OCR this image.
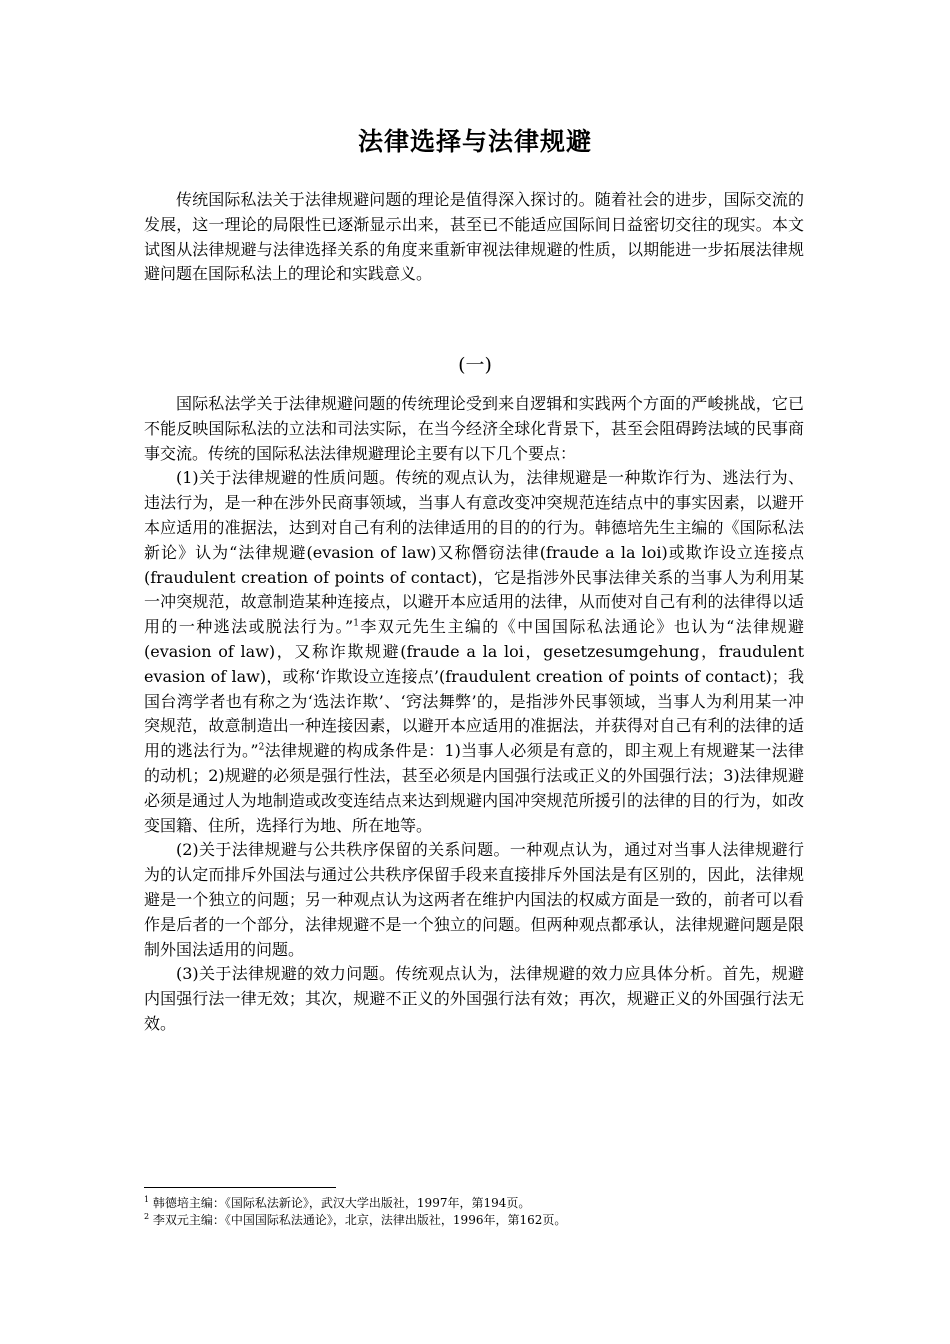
法律选择与法律规避

传统国际私法关于法律规避问题的理论是值得深入探讨的。随着社会的进步，国际交流的发展，这一理论的局限性已逐渐显示出来，甚至已不能适应国际间日益密切交往的现实。本文试图从法律规避与法律选择关系的角度来重新审视法律规避的性质，以期能进一步拓展法律规避问题在国际私法上的理论和实践意义。

(一)

国际私法学关于法律规避问题的传统理论受到来自逻辑和实践两个方面的严峻挑战，它已不能反映国际私法的立法和司法实际，在当今经济全球化背景下，甚至会阻碍跨法域的民事商事交流。传统的国际私法法律规避理论主要有以下几个要点：

(1)关于法律规避的性质问题。传统的观点认为，法律规避是一种欺诈行为、逃法行为、违法行为，是一种在涉外民商事领域，当事人有意改变冲突规范连结点中的事实因素，以避开本应适用的准据法，达到对自己有利的法律适用的目的的行为。韩德培先生主编的《国际私法新论》认为“法律规避(evasion of law)又称僭窃法律(fraude a la loi)或欺诈设立连接点(fraudulent creation of points of contact)，它是指涉外民事法律关系的当事人为利用某一冲突规范，故意制造某种连接点，以避开本应适用的法律，从而使对自己有利的法律得以适用的一种逃法或脱法行为。”$^1$李双元先生主编的《中国国际私法通论》也认为“法律规避(evasion of law)，又称诈欺规避(fraude a la loi，gesetzesumgehung，fraudulent evasion of law)，或称‘诈欺设立连接点’(fraudulent creation of points of contact)；我国台湾学者也有称之为‘选法诈欺’、‘窍法舞弊’的，是指涉外民事领域，当事人为利用某一冲突规范，故意制造出一种连接因素，以避开本应适用的准据法，并获得对自己有利的法律的适用的逃法行为。”$^2$法律规避的构成条件是：1)当事人必须是有意的，即主观上有规避某一法律的动机；2)规避的必须是强行性法，甚至必须是内国强行法或正义的外国强行法；3)法律规避必须是通过人为地制造或改变连结点来达到规避内国冲突规范所援引的法律的目的行为，如改变国籍、住所，选择行为地、所在地等。

(2)关于法律规避与公共秩序保留的关系问题。一种观点认为，通过对当事人法律规避行为的认定而排斥外国法与通过公共秩序保留手段来直接排斥外国法是有区别的，因此，法律规避是一个独立的问题；另一种观点认为这两者在维护内国法的权威方面是一致的，前者可以看作是后者的一个部分，法律规避不是一个独立的问题。但两种观点都承认，法律规避问题是限制外国法适用的问题。

(3)关于法律规避的效力问题。传统观点认为，法律规避的效力应具体分析。首先，规避内国强行法一律无效；其次，规避不正义的外国强行法有效；再次，规避正义的外国强行法无效。

$^1$ 韩德培主编：《国际私法新论》，武汉大学出版社，1997年，第194页。
$^2$ 李双元主编：《中国国际私法通论》，北京，法律出版社，1996年，第162页。
